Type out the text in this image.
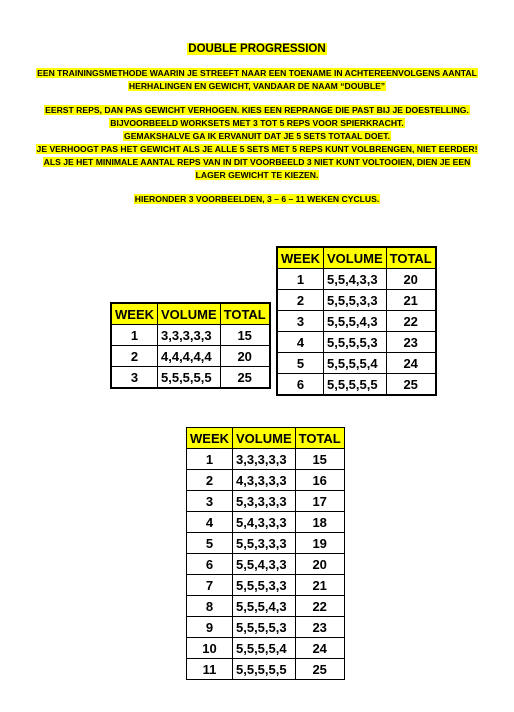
DOUBLE PROGRESSION
EEN TRAININGSMETHODE WAARIN JE STREEFT NAAR EEN TOENAME IN ACHTEREENVOLGENS AANTAL
HERHALINGEN EN GEWICHT, VANDAAR DE NAAM “DOUBLE”
EERST REPS, DAN PAS GEWICHT VERHOGEN. KIES EEN REPRANGE DIE PAST BIJ JE DOESTELLING.
BIJVOORBEELD WORKSETS MET 3 TOT 5 REPS VOOR SPIERKRACHT.
GEMAKSHALVE GA IK ERVANUIT DAT JE 5 SETS TOTAAL DOET.
JE VERHOOGT PAS HET GEWICHT ALS JE ALLE 5 SETS MET 5 REPS KUNT VOLBRENGEN, NIET EERDER!
ALS JE HET MINIMALE AANTAL REPS VAN IN DIT VOORBEELD 3 NIET KUNT VOLTOOIEN, DIEN JE EEN
LAGER GEWICHT TE KIEZEN.
HIERONDER 3 VOORBEELDEN, 3 – 6 – 11 WEKEN CYCLUS.
WEEK	VOLUME	TOTAL
1	3,3,3,3,3	15
2	4,4,4,4,4	20
3	5,5,5,5,5	25
WEEK	VOLUME	TOTAL
1	5,5,4,3,3	20
2	5,5,5,3,3	21
3	5,5,5,4,3	22
4	5,5,5,5,3	23
5	5,5,5,5,4	24
6	5,5,5,5,5	25
WEEK	VOLUME	TOTAL
1	3,3,3,3,3	15
2	4,3,3,3,3	16
3	5,3,3,3,3	17
4	5,4,3,3,3	18
5	5,5,3,3,3	19
6	5,5,4,3,3	20
7	5,5,5,3,3	21
8	5,5,5,4,3	22
9	5,5,5,5,3	23
10	5,5,5,5,4	24
11	5,5,5,5,5	25
